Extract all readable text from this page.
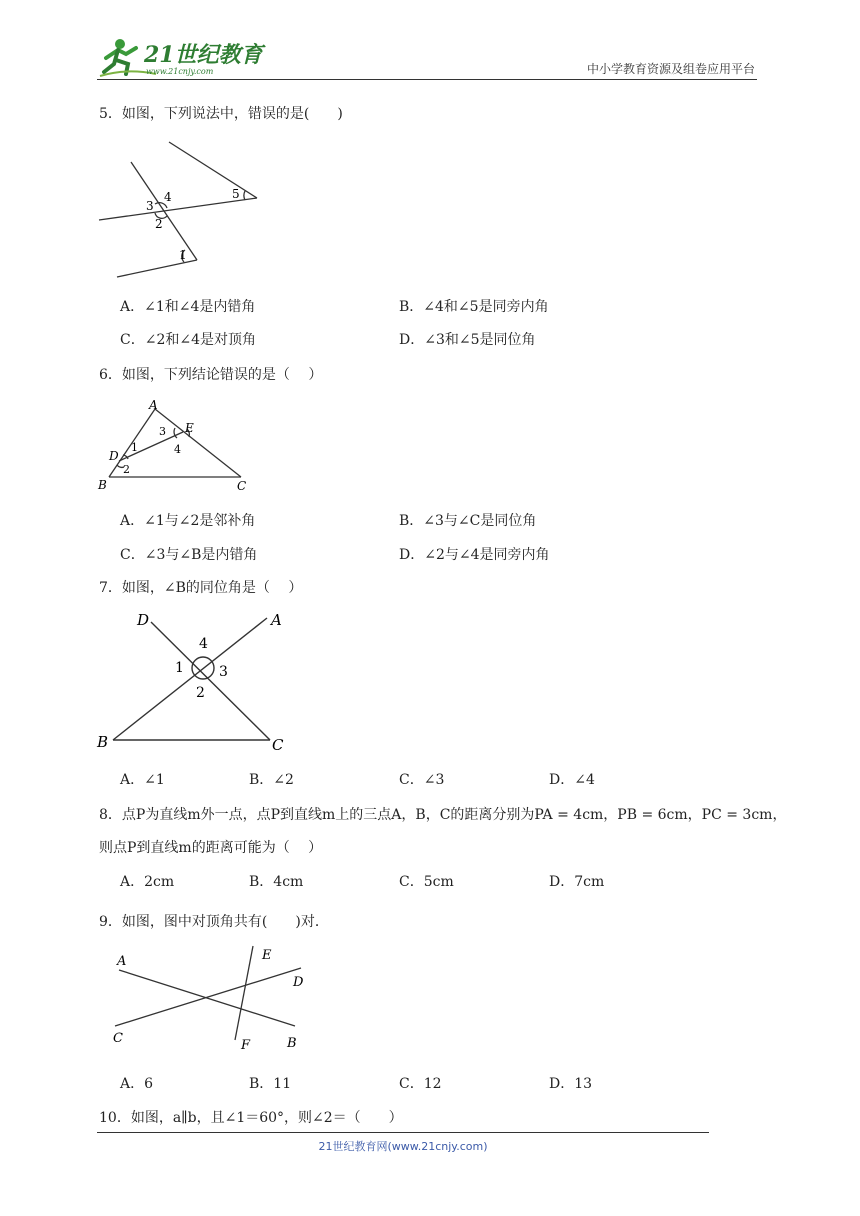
21世纪教育
www.21cnjy.com	中小学教育资源及组卷应用平台
5．如图，下列说法中，错误的是(　　)
3
4
2
5
1
A．∠1和∠4是内错角	B．∠4和∠5是同旁内角
C．∠2和∠4是对顶角	D．∠3和∠5是同位角
6．如图，下列结论错误的是（　 ）
A
B	C
D
E
1
2
3
4
A．∠1与∠2是邻补角	B．∠3与∠C是同位角
C．∠3与∠B是内错角	D．∠2与∠4是同旁内角
7．如图，∠B的同位角是（　 ）
D	A
B	C
4
1	3
2
A．∠1	B．∠2	C．∠3	D．∠4
8．点P为直线m外一点，点P到直线m上的三点A，B，C的距离分别为PA = 4cm，PB = 6cm，PC = 3cm，
则点P到直线m的距离可能为（　 ）
A．2cm	B．4cm	C．5cm	D．7cm
9．如图，图中对顶角共有(　　)对．
A
B
C
D
E
F
A．6	B．11	C．12	D．13
10．如图，a∥b，且∠1＝60°，则∠2＝（　　）
21世纪教育网(www.21cnjy.com)
